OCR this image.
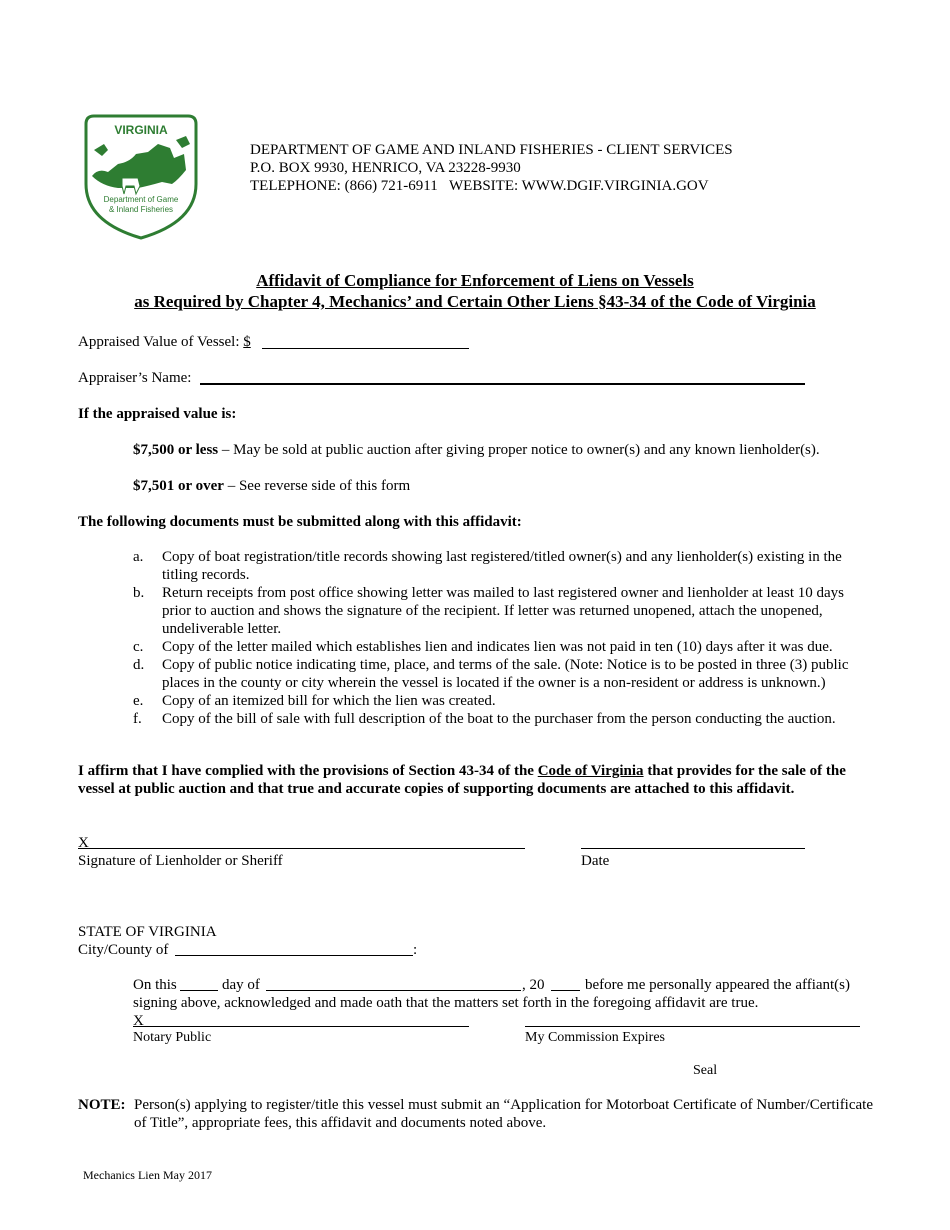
VIRGINIA
Department of Game
& Inland Fisheries
DEPARTMENT OF GAME AND INLAND FISHERIES - CLIENT SERVICES
P.O. BOX 9930, HENRICO, VA 23228-9930
TELEPHONE: (866) 721-6911 WEBSITE: WWW.DGIF.VIRGINIA.GOV
Affidavit of Compliance for Enforcement of Liens on Vessels
as Required by Chapter 4, Mechanics’ and Certain Other Liens §43-34 of the Code of Virginia
Appraised Value of Vessel: $
Appraiser’s Name:
If the appraised value is:
$7,500 or less – May be sold at public auction after giving proper notice to owner(s) and any known lienholder(s).
$7,501 or over – See reverse side of this form
The following documents must be submitted along with this affidavit:
a.	Copy of boat registration/title records showing last registered/titled owner(s) and any lienholder(s) existing in the titling records.
b.	Return receipts from post office showing letter was mailed to last registered owner and lienholder at least 10 days prior to auction and shows the signature of the recipient. If letter was returned unopened, attach the unopened, undeliverable letter.
c.	Copy of the letter mailed which establishes lien and indicates lien was not paid in ten (10) days after it was due.
d.	Copy of public notice indicating time, place, and terms of the sale. (Note: Notice is to be posted in three (3) public places in the county or city wherein the vessel is located if the owner is a non-resident or address is unknown.)
e.	Copy of an itemized bill for which the lien was created.
f.	Copy of the bill of sale with full description of the boat to the purchaser from the person conducting the auction.
I affirm that I have complied with the provisions of Section 43-34 of the Code of Virginia that provides for the sale of the vessel at public auction and that true and accurate copies of supporting documents are attached to this affidavit.
X
Signature of Lienholder or Sheriff	Date
STATE OF VIRGINIA
City/County of	:
On this	day of	, 20	before me personally appeared the affiant(s)
signing above, acknowledged and made oath that the matters set forth in the foregoing affidavit are true.
X
Notary Public	My Commission Expires
Seal
NOTE: Person(s) applying to register/title this vessel must submit an “Application for Motorboat Certificate of Number/Certificate of Title”, appropriate fees, this affidavit and documents noted above.
Mechanics Lien May 2017
